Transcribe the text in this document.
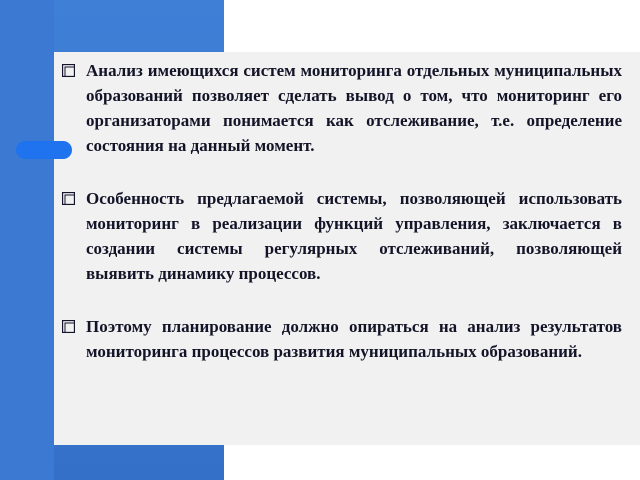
Анализ имеющихся систем мониторинга отдельных муниципальных образований позволяет сделать вывод о том, что мониторинг его организаторами понимается как отслеживание, т.е. определение состояния на данный момент.
Особенность предлагаемой системы, позволяющей использовать мониторинг в реализации функций управления, заключается в создании системы регулярных отслеживаний, позволяющей выявить динамику процессов.
Поэтому планирование должно опираться на анализ результатов мониторинга процессов развития муниципальных образований.
